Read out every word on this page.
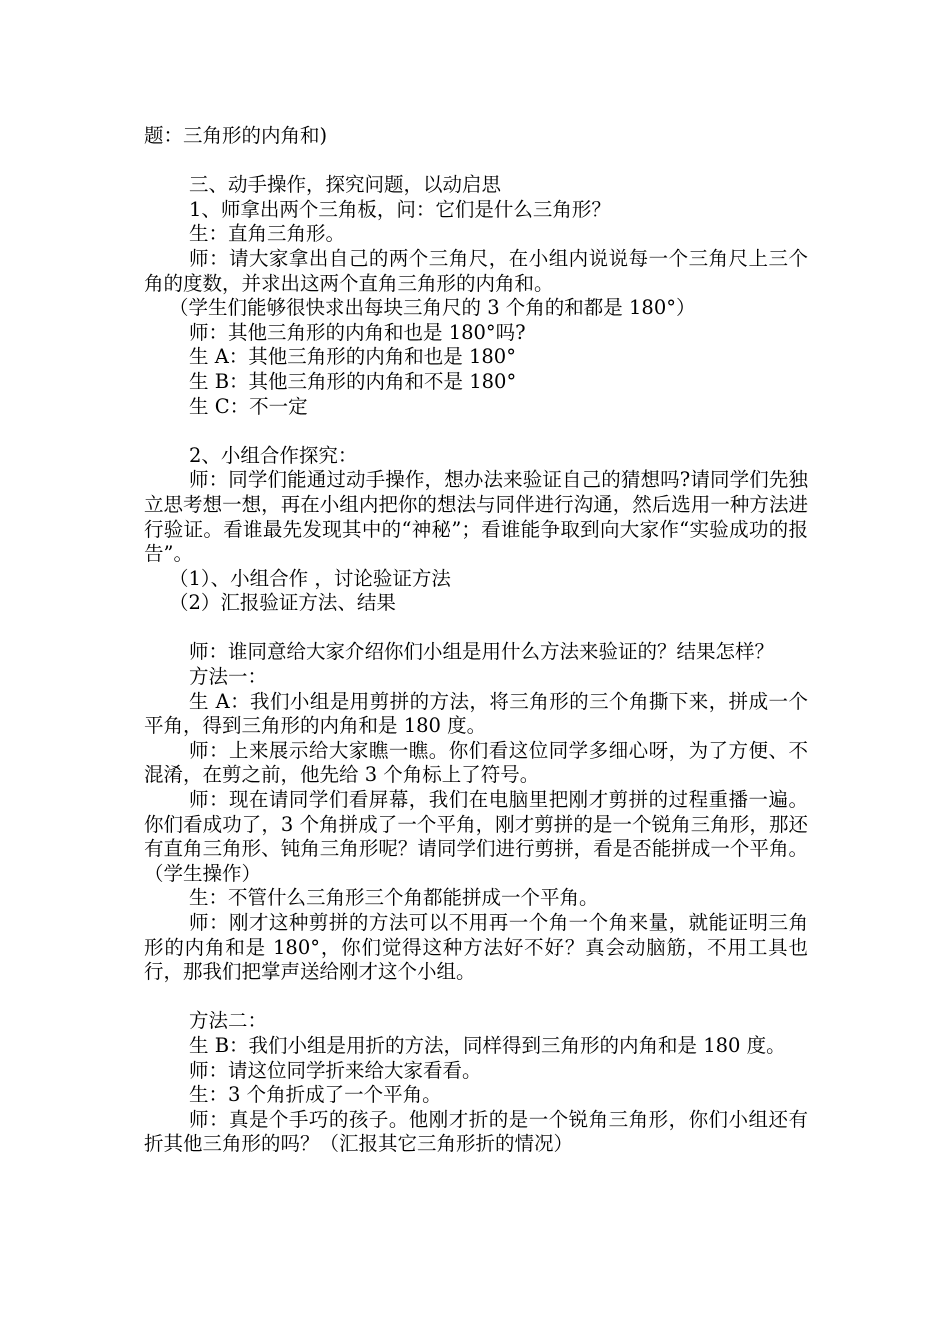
题：三角形的内角和)

三、动手操作，探究问题，以动启思

1、师拿出两个三角板，问：它们是什么三角形？

生：直角三角形。

师：请大家拿出自己的两个三角尺，在小组内说说每一个三角尺上三个角的度数，并求出这两个直角三角形的内角和。

（学生们能够很快求出每块三角尺的 3 个角的和都是 180°）

师：其他三角形的内角和也是 180°吗?

生 A：其他三角形的内角和也是 180°

生 B：其他三角形的内角和不是 180°

生 C：不一定

2、小组合作探究：

师：同学们能通过动手操作，想办法来验证自己的猜想吗?请同学们先独立思考想一想，再在小组内把你的想法与同伴进行沟通，然后选用一种方法进行验证。看谁最先发现其中的“神秘”；看谁能争取到向大家作“实验成功的报告”。

（1）、小组合作 ，讨论验证方法

（2）汇报验证方法、结果

师：谁同意给大家介绍你们小组是用什么方法来验证的？结果怎样？

方法一：

生 A：我们小组是用剪拼的方法，将三角形的三个角撕下来，拼成一个平角，得到三角形的内角和是 180 度。

师：上来展示给大家瞧一瞧。你们看这位同学多细心呀，为了方便、不混淆，在剪之前，他先给 3 个角标上了符号。

师：现在请同学们看屏幕，我们在电脑里把刚才剪拼的过程重播一遍。你们看成功了，3 个角拼成了一个平角，刚才剪拼的是一个锐角三角形，那还有直角三角形、钝角三角形呢？请同学们进行剪拼，看是否能拼成一个平角。（学生操作）

生：不管什么三角形三个角都能拼成一个平角。

师：刚才这种剪拼的方法可以不用再一个角一个角来量，就能证明三角形的内角和是 180°，你们觉得这种方法好不好？真会动脑筋，不用工具也行，那我们把掌声送给刚才这个小组。

方法二：

生 B：我们小组是用折的方法，同样得到三角形的内角和是 180 度。

师：请这位同学折来给大家看看。

生：3 个角折成了一个平角。

师：真是个手巧的孩子。他刚才折的是一个锐角三角形，你们小组还有折其他三角形的吗？（汇报其它三角形折的情况）
